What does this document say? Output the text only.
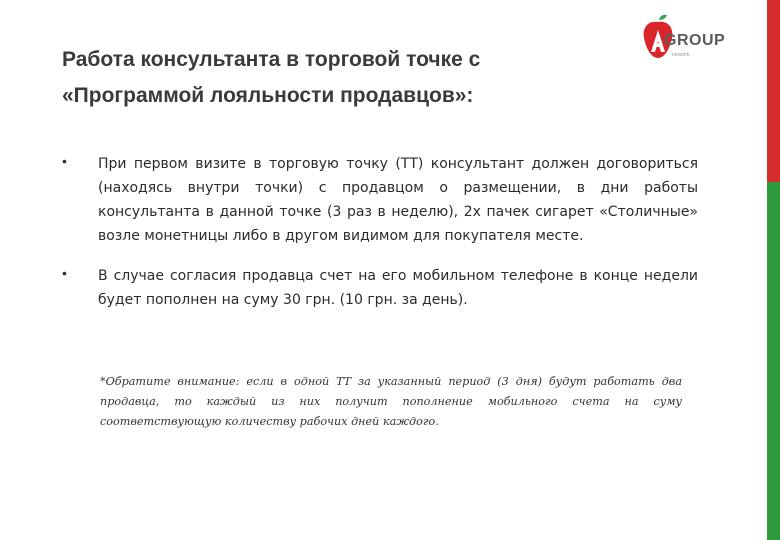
Работа консультанта в торговой точке с «Программой лояльности продавцов»:
GROUP
network
• При первом визите в торговую точку (ТТ) консультант должен договориться (находясь внутри точки) с продавцом о размещении, в дни работы консультанта в данной точке (3 раз в неделю), 2х пачек сигарет «Столичные» возле монетницы либо в другом видимом для покупателя месте.
• В случае согласия продавца счет на его мобильном телефоне в конце недели будет пополнен на суму 30 грн. (10 грн. за день).

*Обратите внимание: если в одной ТТ за указанный период (3 дня) будут работать два продавца, то каждый из них получит пополнение мобильного счета на суму соответствующую количеству рабочих дней каждого.
